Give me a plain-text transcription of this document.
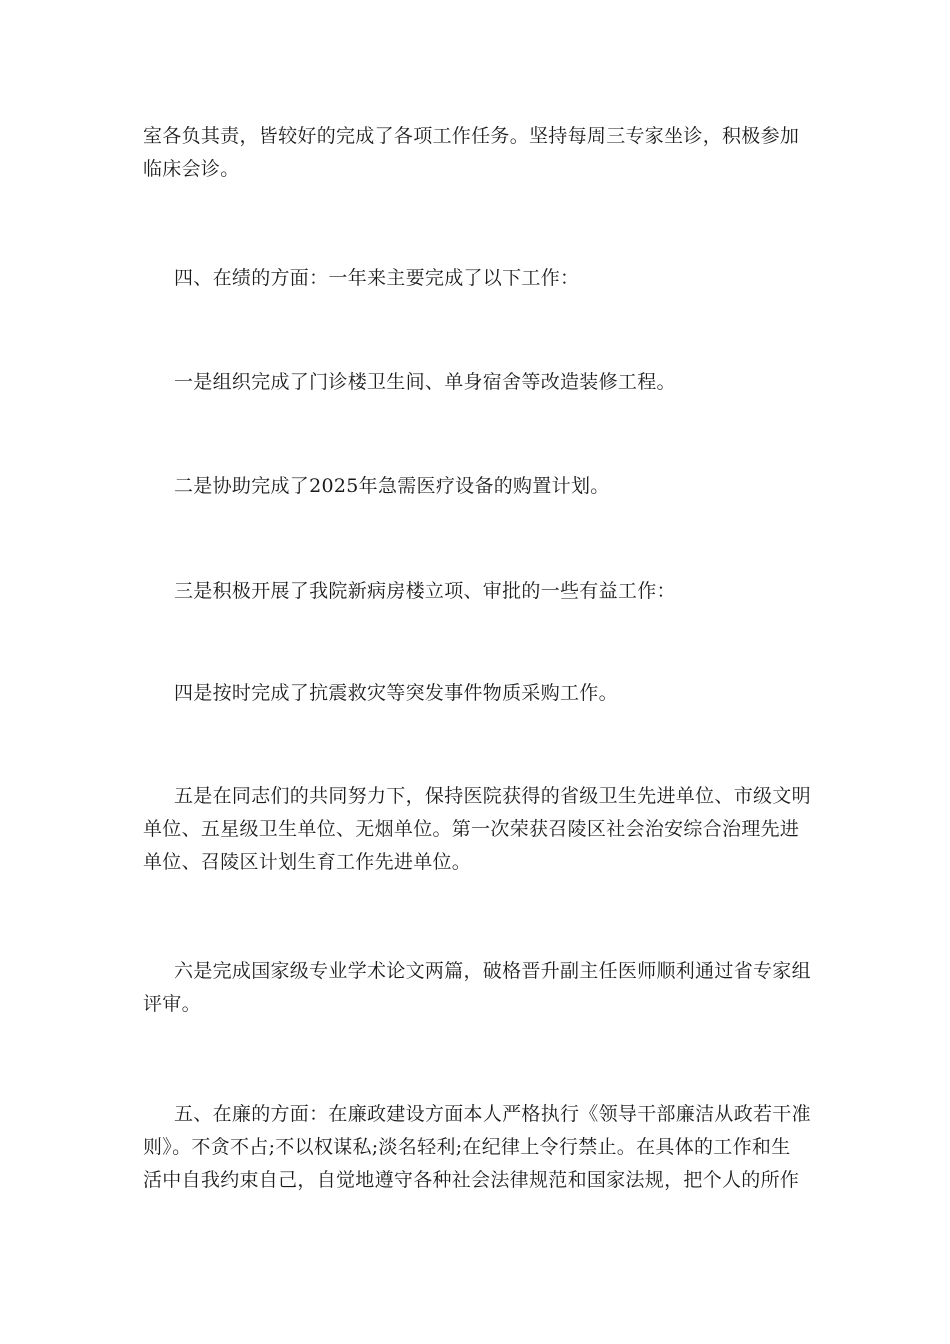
室各负其责，皆较好的完成了各项工作任务。坚持每周三专家坐诊，积极参加
临床会诊。

四、在绩的方面：一年来主要完成了以下工作：

一是组织完成了门诊楼卫生间、单身宿舍等改造装修工程。

二是协助完成了2025年急需医疗设备的购置计划。

三是积极开展了我院新病房楼立项、审批的一些有益工作：

四是按时完成了抗震救灾等突发事件物质采购工作。

五是在同志们的共同努力下，保持医院获得的省级卫生先进单位、市级文明
单位、五星级卫生单位、无烟单位。第一次荣获召陵区社会治安综合治理先进
单位、召陵区计划生育工作先进单位。

六是完成国家级专业学术论文两篇，破格晋升副主任医师顺利通过省专家组
评审。

五、在廉的方面：在廉政建设方面本人严格执行《领导干部廉洁从政若干准
则》。不贪不占;不以权谋私;淡名轻利;在纪律上令行禁止。在具体的工作和生
活中自我约束自己，自觉地遵守各种社会法律规范和国家法规，把个人的所作
